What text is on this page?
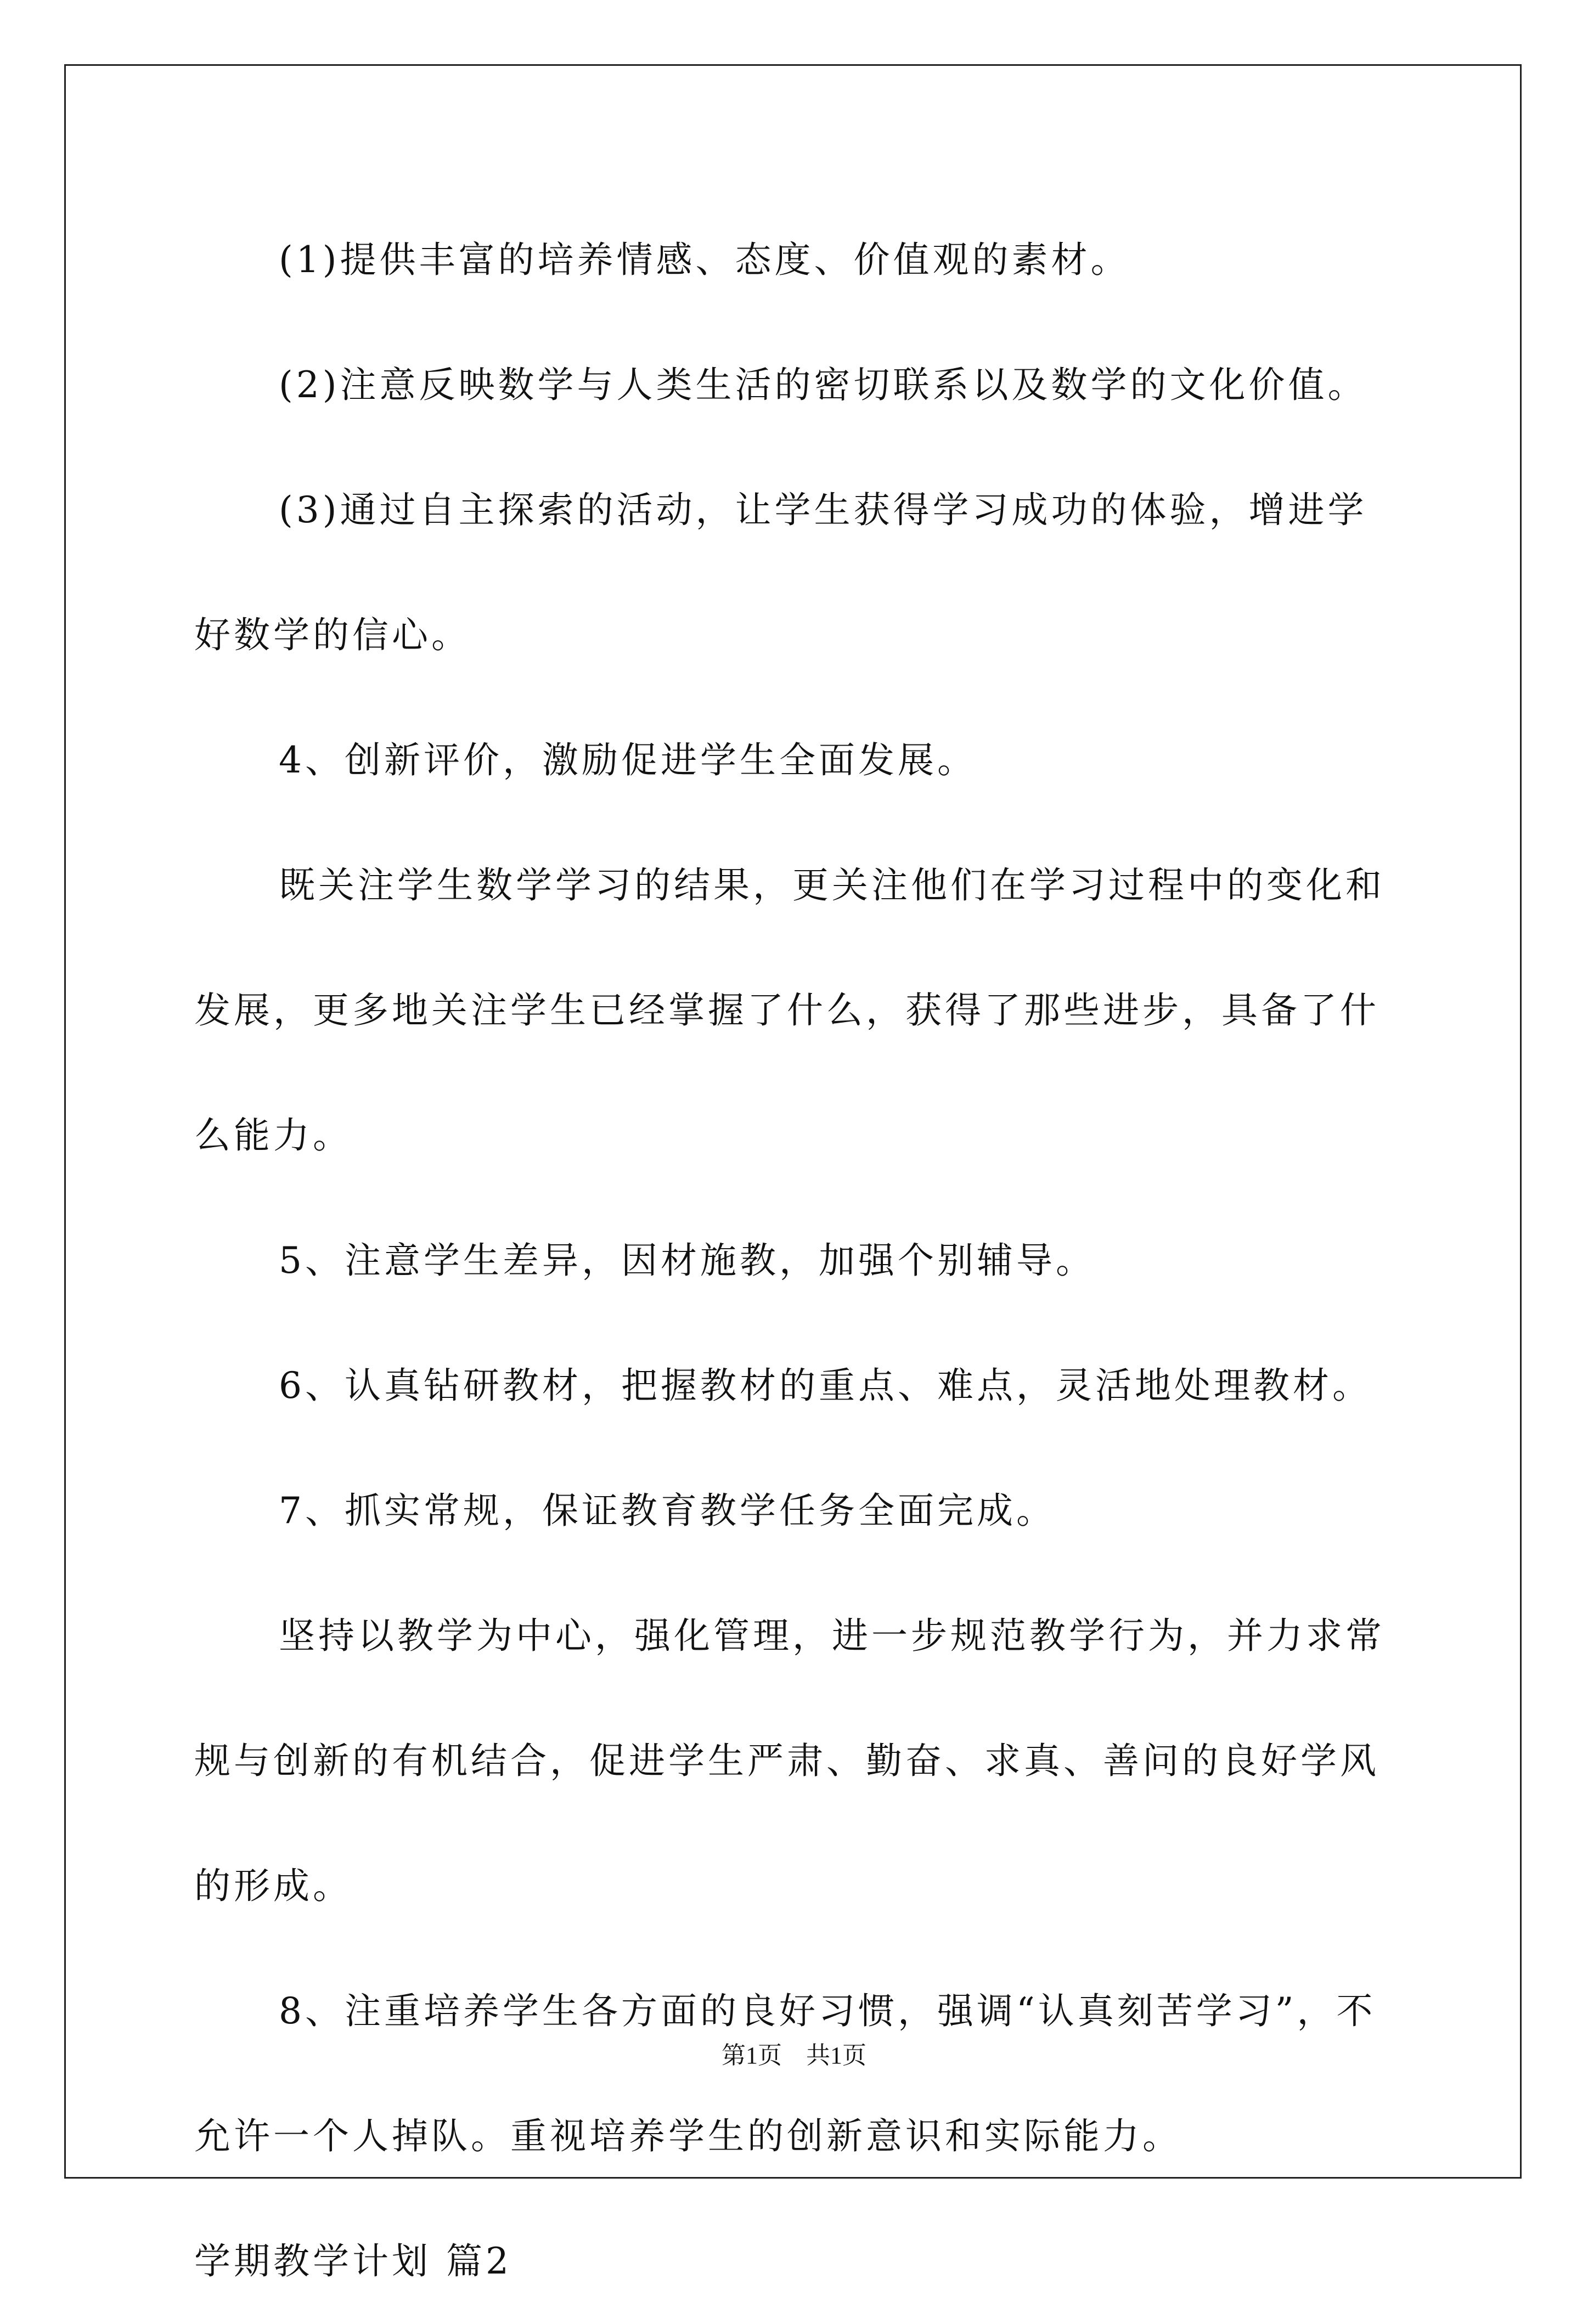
(1)提供丰富的培养情感、态度、价值观的素材。

(2)注意反映数学与人类生活的密切联系以及数学的文化价值。

(3)通过自主探索的活动，让学生获得学习成功的体验，增进学好数学的信心。

4、创新评价，激励促进学生全面发展。

既关注学生数学学习的结果，更关注他们在学习过程中的变化和发展，更多地关注学生已经掌握了什么，获得了那些进步，具备了什么能力。

5、注意学生差异，因材施教，加强个别辅导。

6、认真钻研教材，把握教材的重点、难点，灵活地处理教材。

7、抓实常规，保证教育教学任务全面完成。

坚持以教学为中心，强化管理，进一步规范教学行为，并力求常规与创新的有机结合，促进学生严肃、勤奋、求真、善问的良好学风的形成。

8、注重培养学生各方面的良好习惯，强调“认真刻苦学习”，不允许一个人掉队。重视培养学生的创新意识和实际能力。

学期教学计划 篇2

第1页 共1页
